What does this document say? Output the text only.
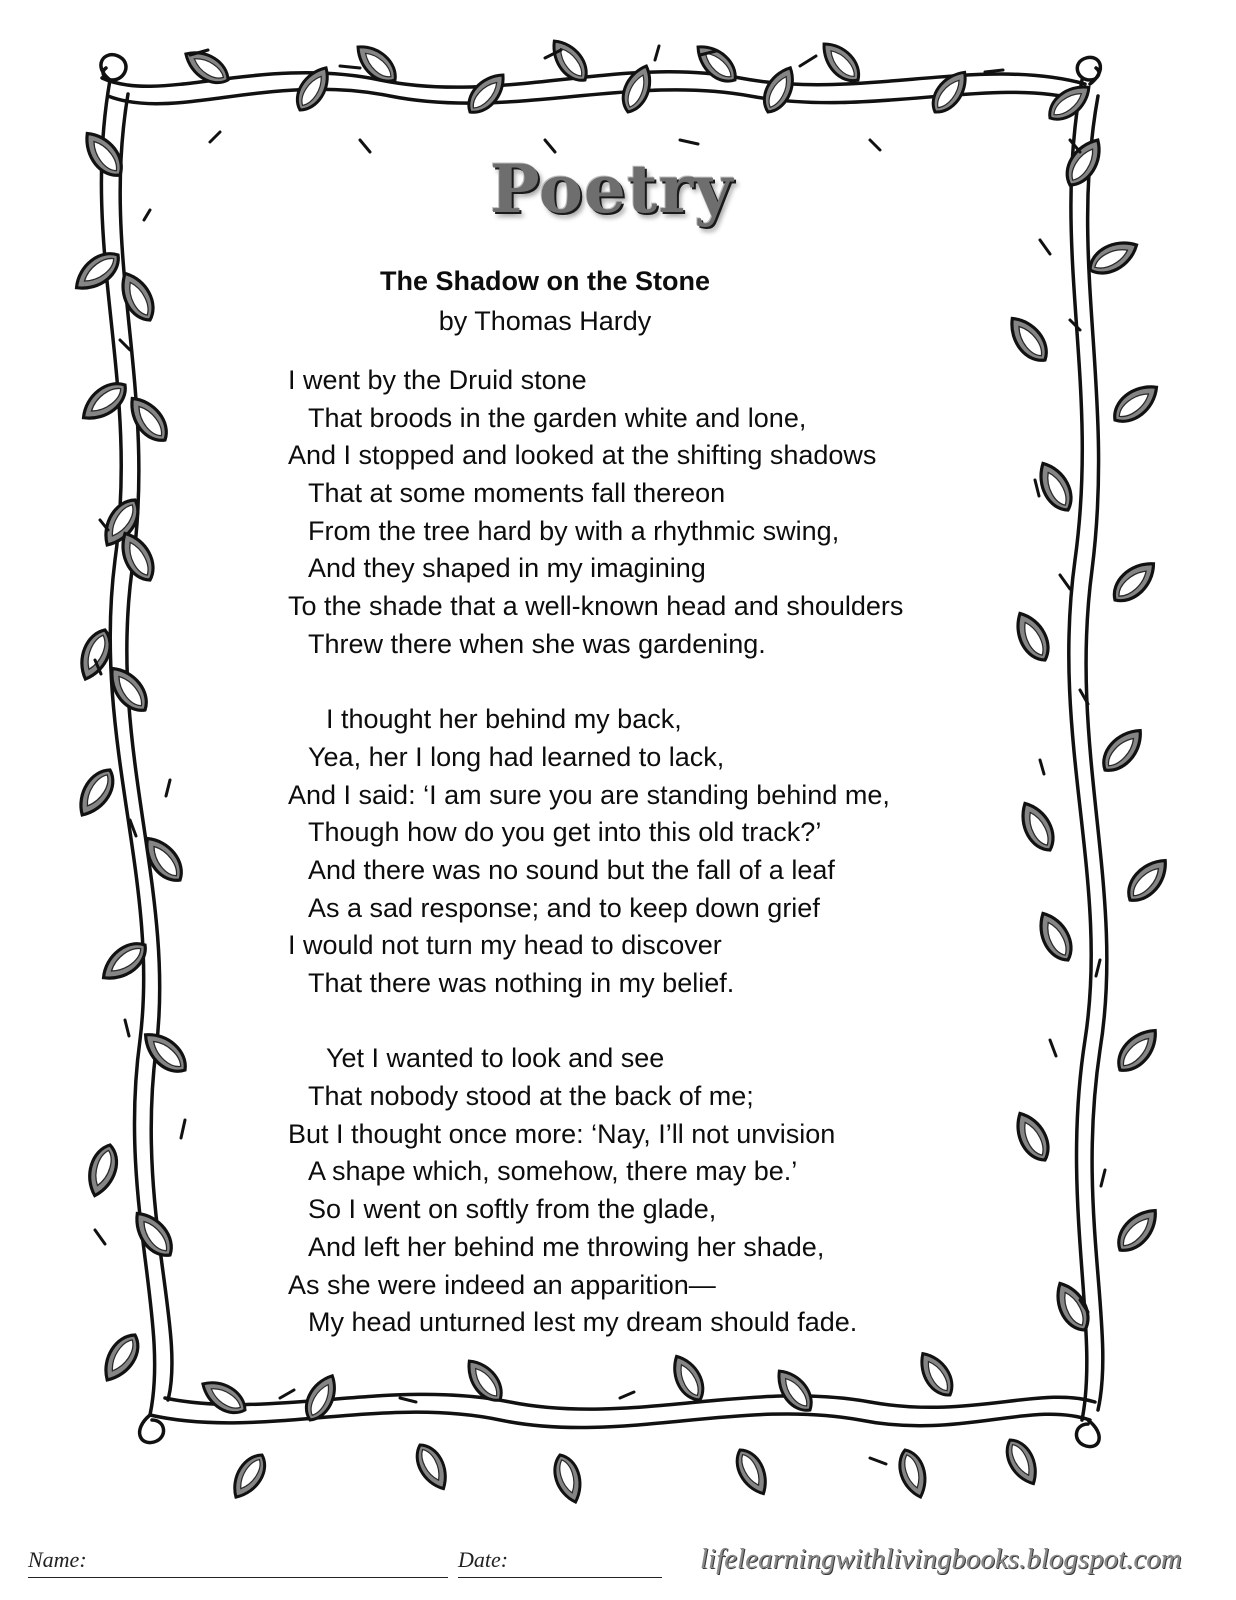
Poetry
The Shadow on the Stone
by Thomas Hardy
I went by the Druid stone
That broods in the garden white and lone,
And I stopped and looked at the shifting shadows
That at some moments fall thereon
From the tree hard by with a rhythmic swing,
And they shaped in my imagining
To the shade that a well-known head and shoulders
Threw there when she was gardening.
I thought her behind my back,
Yea, her I long had learned to lack,
And I said: ‘I am sure you are standing behind me,
Though how do you get into this old track?’
And there was no sound but the fall of a leaf
As a sad response; and to keep down grief
I would not turn my head to discover
That there was nothing in my belief.
Yet I wanted to look and see
That nobody stood at the back of me;
But I thought once more: ‘Nay, I’ll not unvision
A shape which, somehow, there may be.’
So I went on softly from the glade,
And left her behind me throwing her shade,
As she were indeed an apparition—
My head unturned lest my dream should fade.
Name:	Date:	lifelearningwithlivingbooks.blogspot.com
